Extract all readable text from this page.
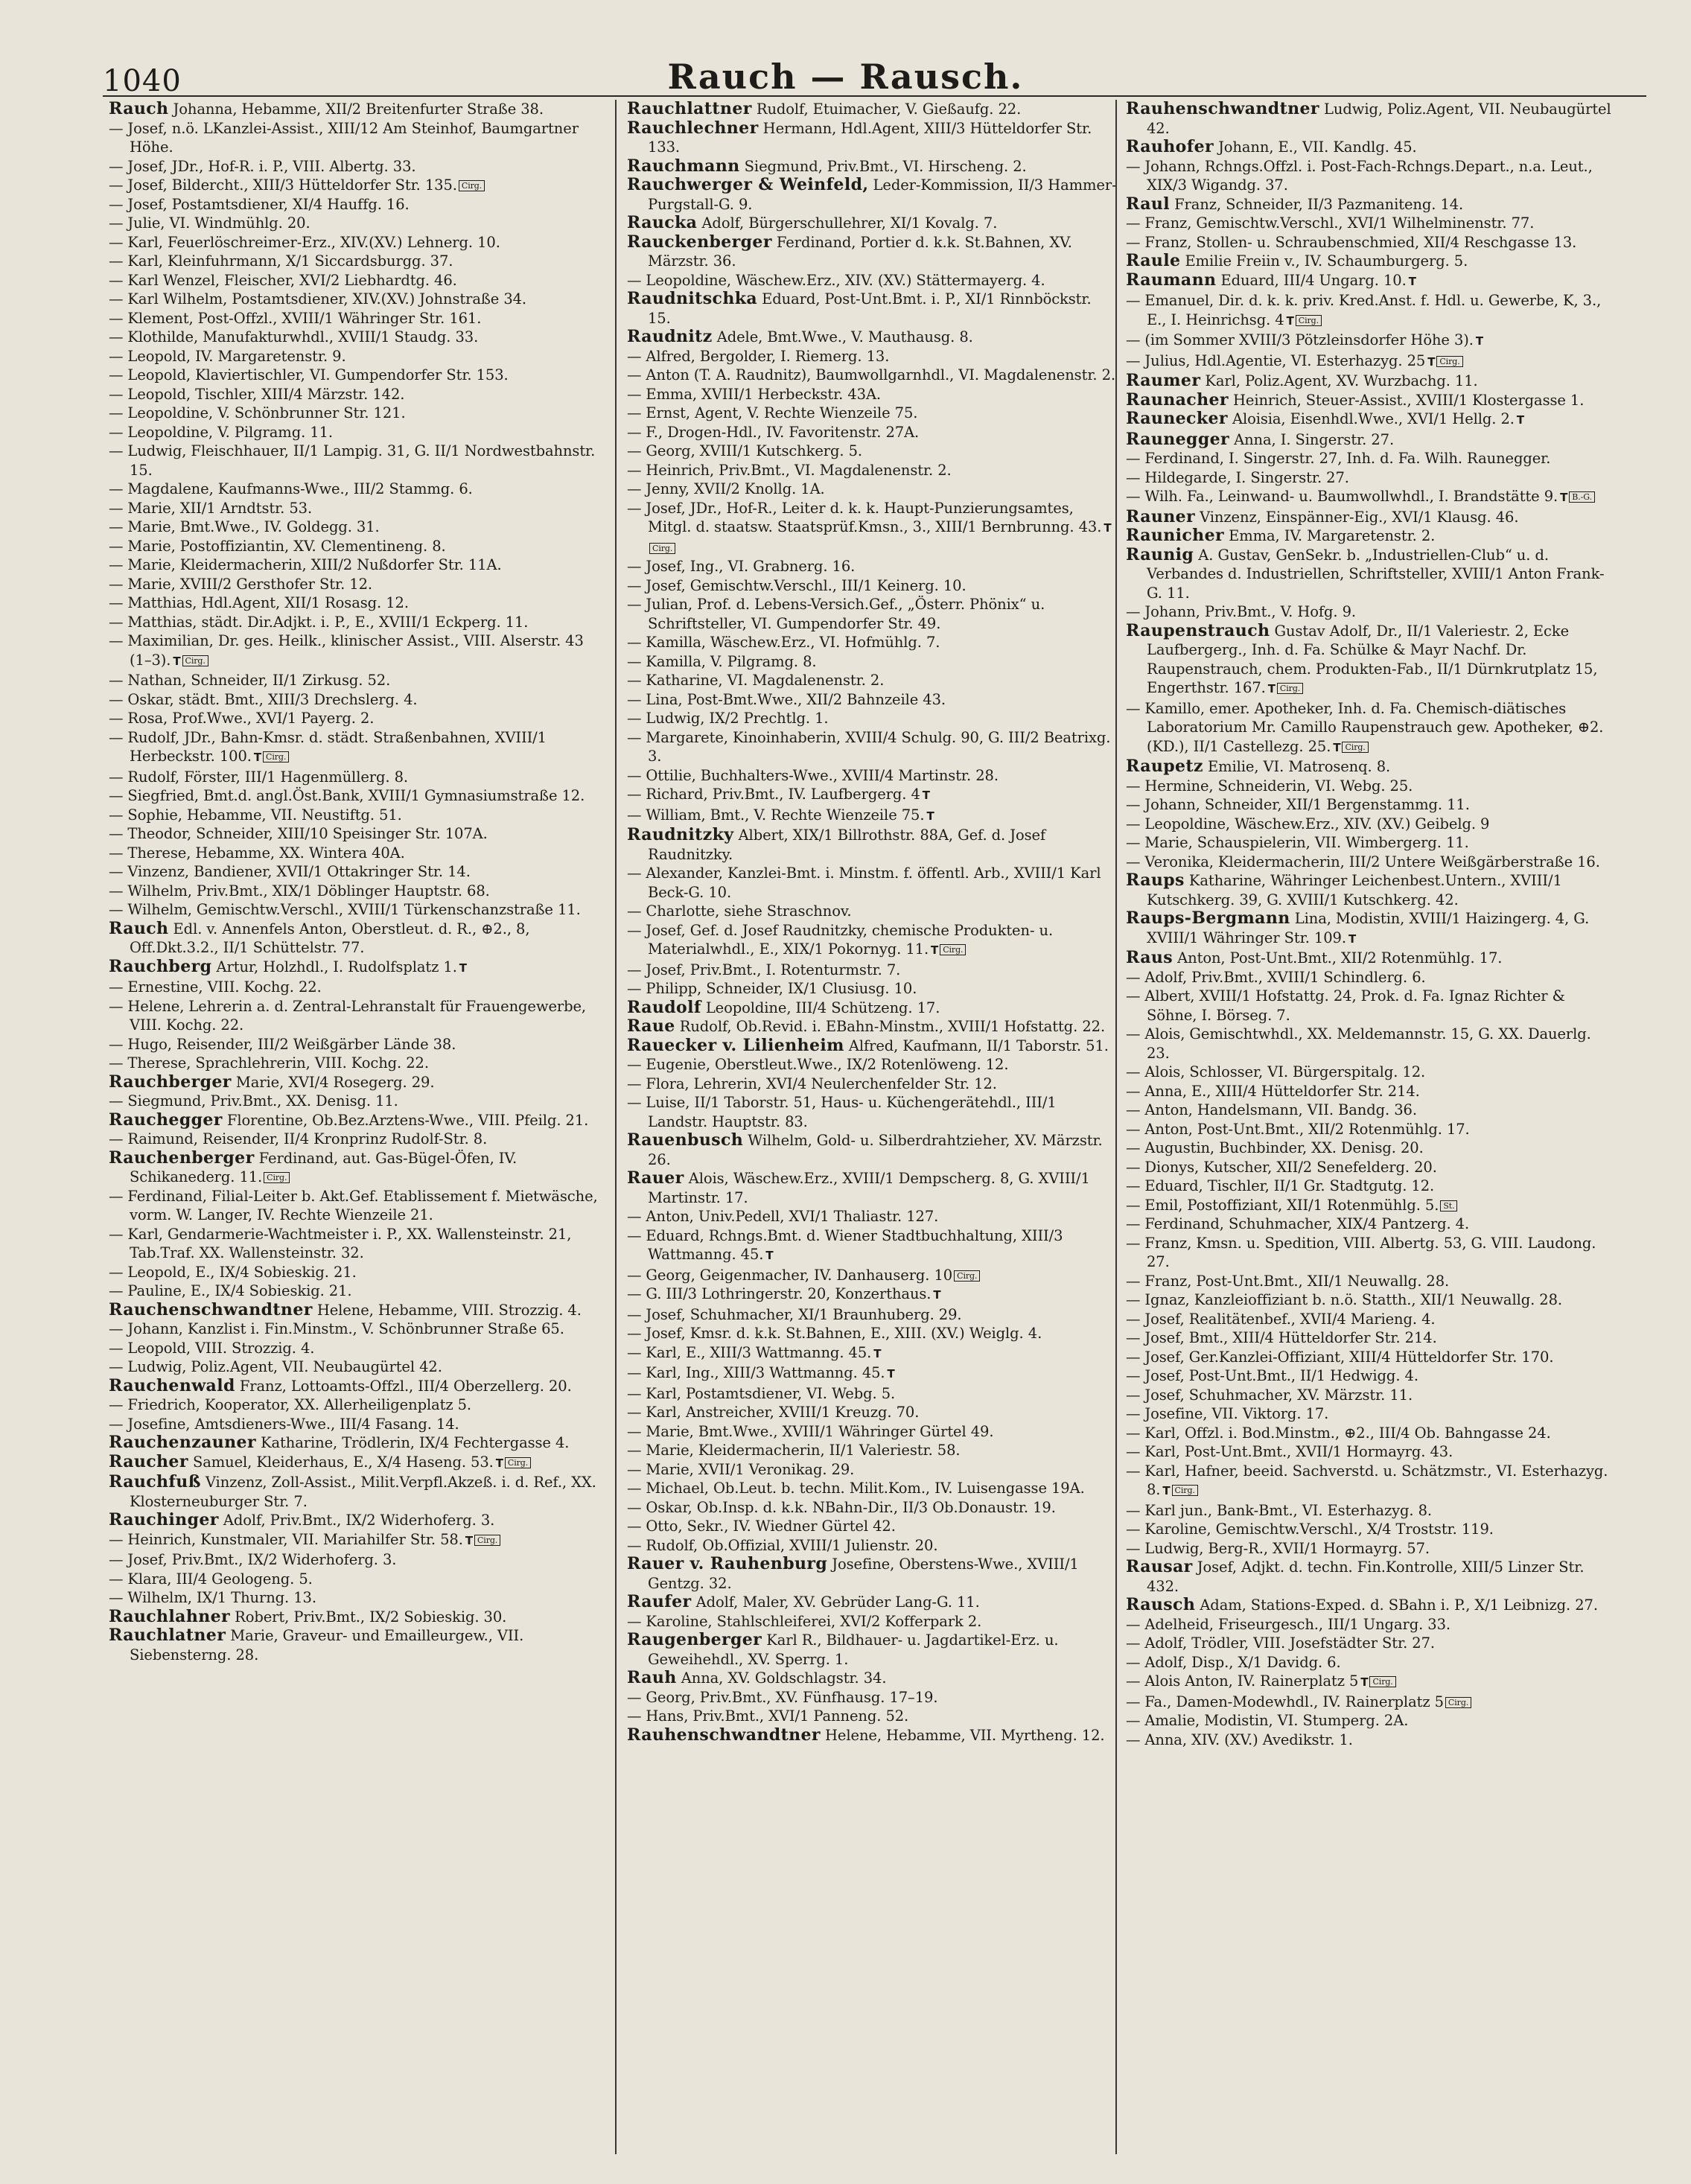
1040	Rauch — Rausch.
Rauch Johanna, Hebamme, XII/2 Breitenfurter Straße 38.
— Josef, n.ö. LKanzlei-Assist., XIII/12 Am Steinhof, Baumgartner Höhe.
— Josef, JDr., Hof-R. i. P., VIII. Albertg. 33.
— Josef, Bildercht., XIII/3 Hütteldorfer Str. 135. Cirg.
— Josef, Postamtsdiener, XI/4 Hauffg. 16.
— Julie, VI. Windmühlg. 20.
— Karl, Feuerlöschreimer-Erz., XIV.(XV.) Lehnerg. 10.
— Karl, Kleinfuhrmann, X/1 Siccardsburgg. 37.
— Karl Wenzel, Fleischer, XVI/2 Liebhardtg. 46.
— Karl Wilhelm, Postamtsdiener, XIV.(XV.) Johnstraße 34.
— Klement, Post-Offzl., XVIII/1 Währinger Str. 161.
— Klothilde, Manufakturwhdl., XVIII/1 Staudg. 33.
— Leopold, IV. Margaretenstr. 9.
— Leopold, Klaviertischler, VI. Gumpendorfer Str. 153.
— Leopold, Tischler, XIII/4 Märzstr. 142.
— Leopoldine, V. Schönbrunner Str. 121.
— Leopoldine, V. Pilgramg. 11.
— Ludwig, Fleischhauer, II/1 Lampig. 31, G. II/1 Nordwestbahnstr. 15.
— Magdalene, Kaufmanns-Wwe., III/2 Stammg. 6.
— Marie, XII/1 Arndtstr. 53.
— Marie, Bmt.Wwe., IV. Goldegg. 31.
— Marie, Postoffiziantin, XV. Clementineng. 8.
— Marie, Kleidermacherin, XIII/2 Nußdorfer Str. 11A.
— Marie, XVIII/2 Gersthofer Str. 12.
— Matthias, Hdl.Agent, XII/1 Rosasg. 12.
— Matthias, städt. Dir.Adjkt. i. P., E., XVIII/1 Eckperg. 11.
— Maximilian, Dr. ges. Heilk., klinischer Assist., VIII. Alserstr. 43 (1–3). T Cirg.
— Nathan, Schneider, II/1 Zirkusg. 52.
— Oskar, städt. Bmt., XIII/3 Drechslerg. 4.
— Rosa, Prof.Wwe., XVI/1 Payerg. 2.
— Rudolf, JDr., Bahn-Kmsr. d. städt. Straßenbahnen, XVIII/1 Herbeckstr. 100. T Cirg.
— Rudolf, Förster, III/1 Hagenmüllerg. 8.
— Siegfried, Bmt.d. angl.Öst.Bank, XVIII/1 Gymnasiumstraße 12.
— Sophie, Hebamme, VII. Neustiftg. 51.
— Theodor, Schneider, XIII/10 Speisinger Str. 107A.
— Therese, Hebamme, XX. Wintera 40A.
— Vinzenz, Bandiener, XVII/1 Ottakringer Str. 14.
— Wilhelm, Priv.Bmt., XIX/1 Döblinger Hauptstr. 68.
— Wilhelm, Gemischtw.Verschl., XVIII/1 Türkenschanzstraße 11.
Rauch Edl. v. Annenfels Anton, Oberstleut. d. R., ⊕2., 8, Off.Dkt.3.2., II/1 Schüttelstr. 77.
Rauchberg Artur, Holzhdl., I. Rudolfsplatz 1. T
— Ernestine, VIII. Kochg. 22.
— Helene, Lehrerin a. d. Zentral-Lehranstalt für Frauengewerbe, VIII. Kochg. 22.
— Hugo, Reisender, III/2 Weißgärber Lände 38.
— Therese, Sprachlehrerin, VIII. Kochg. 22.
Rauchberger Marie, XVI/4 Rosegerg. 29.
— Siegmund, Priv.Bmt., XX. Denisg. 11.
Rauchegger Florentine, Ob.Bez.Arztens-Wwe., VIII. Pfeilg. 21.
— Raimund, Reisender, II/4 Kronprinz Rudolf-Str. 8.
Rauchenberger Ferdinand, aut. Gas-Bügel-Öfen, IV. Schikanederg. 11. Cirg.
— Ferdinand, Filial-Leiter b. Akt.Gef. Etablissement f. Mietwäsche, vorm. W. Langer, IV. Rechte Wienzeile 21.
— Karl, Gendarmerie-Wachtmeister i. P., XX. Wallensteinstr. 21, Tab.Traf. XX. Wallensteinstr. 32.
— Leopold, E., IX/4 Sobieskig. 21.
— Pauline, E., IX/4 Sobieskig. 21.
Rauchenschwandtner Helene, Hebamme, VIII. Strozzig. 4.
— Johann, Kanzlist i. Fin.Minstm., V. Schönbrunner Straße 65.
— Leopold, VIII. Strozzig. 4.
— Ludwig, Poliz.Agent, VII. Neubaugürtel 42.
Rauchenwald Franz, Lottoamts-Offzl., III/4 Oberzellerg. 20.
— Friedrich, Kooperator, XX. Allerheiligenplatz 5.
— Josefine, Amtsdieners-Wwe., III/4 Fasang. 14.
Rauchenzauner Katharine, Trödlerin, IX/4 Fechtergasse 4.
Raucher Samuel, Kleiderhaus, E., X/4 Haseng. 53. T Cirg.
Rauchfuß Vinzenz, Zoll-Assist., Milit.Verpfl.Akzeß. i. d. Ref., XX. Klosterneuburger Str. 7.
Rauchinger Adolf, Priv.Bmt., IX/2 Widerhoferg. 3.
— Heinrich, Kunstmaler, VII. Mariahilfer Str. 58. T Cirg.
— Josef, Priv.Bmt., IX/2 Widerhoferg. 3.
— Klara, III/4 Geologeng. 5.
— Wilhelm, IX/1 Thurng. 13.
Rauchlahner Robert, Priv.Bmt., IX/2 Sobieskig. 30.
Rauchlatner Marie, Graveur- und Emailleurgew., VII. Siebensterng. 28.
Rauchlattner Rudolf, Etuimacher, V. Gießaufg. 22.
Rauchlechner Hermann, Hdl.Agent, XIII/3 Hütteldorfer Str. 133.
Rauchmann Siegmund, Priv.Bmt., VI. Hirscheng. 2.
Rauchwerger & Weinfeld, Leder-Kommission, II/3 Hammer-Purgstall-G. 9.
Raucka Adolf, Bürgerschullehrer, XI/1 Kovalg. 7.
Rauckenberger Ferdinand, Portier d. k.k. St.Bahnen, XV. Märzstr. 36.
— Leopoldine, Wäschew.Erz., XIV. (XV.) Stättermayerg. 4.
Raudnitschka Eduard, Post-Unt.Bmt. i. P., XI/1 Rinnböckstr. 15.
Raudnitz Adele, Bmt.Wwe., V. Mauthausg. 8.
— Alfred, Bergolder, I. Riemerg. 13.
— Anton (T. A. Raudnitz), Baumwollgarnhdl., VI. Magdalenenstr. 2.
— Emma, XVIII/1 Herbeckstr. 43A.
— Ernst, Agent, V. Rechte Wienzeile 75.
— F., Drogen-Hdl., IV. Favoritenstr. 27A.
— Georg, XVIII/1 Kutschkerg. 5.
— Heinrich, Priv.Bmt., VI. Magdalenenstr. 2.
— Jenny, XVII/2 Knollg. 1A.
— Josef, JDr., Hof-R., Leiter d. k. k. Haupt-Punzierungsamtes, Mitgl. d. staatsw. Staatsprüf.Kmsn., 3., XIII/1 Bernbrunng. 43. TCirg.
— Josef, Ing., VI. Grabnerg. 16.
— Josef, Gemischtw.Verschl., III/1 Keinerg. 10.
— Julian, Prof. d. Lebens-Versich.Gef., „Österr. Phönix“ u. Schriftsteller, VI. Gumpendorfer Str. 49.
— Kamilla, Wäschew.Erz., VI. Hofmühlg. 7.
— Kamilla, V. Pilgramg. 8.
— Katharine, VI. Magdalenenstr. 2.
— Lina, Post-Bmt.Wwe., XII/2 Bahnzeile 43.
— Ludwig, IX/2 Prechtlg. 1.
— Margarete, Kinoinhaberin, XVIII/4 Schulg. 90, G. III/2 Beatrixg. 3.
— Ottilie, Buchhalters-Wwe., XVIII/4 Martinstr. 28.
— Richard, Priv.Bmt., IV. Laufbergerg. 4 T
— William, Bmt., V. Rechte Wienzeile 75. T
Raudnitzky Albert, XIX/1 Billrothstr. 88A, Gef. d. Josef Raudnitzky.
— Alexander, Kanzlei-Bmt. i. Minstm. f. öffentl. Arb., XVIII/1 Karl Beck-G. 10.
— Charlotte, siehe Straschnov.
— Josef, Gef. d. Josef Raudnitzky, chemische Produkten- u. Materialwhdl., E., XIX/1 Pokornyg. 11. T Cirg.
— Josef, Priv.Bmt., I. Rotenturmstr. 7.
— Philipp, Schneider, IX/1 Clusiusg. 10.
Raudolf Leopoldine, III/4 Schützeng. 17.
Raue Rudolf, Ob.Revid. i. EBahn-Minstm., XVIII/1 Hofstattg. 22.
Rauecker v. Lilienheim Alfred, Kaufmann, II/1 Taborstr. 51.
— Eugenie, Oberstleut.Wwe., IX/2 Rotenlöweng. 12.
— Flora, Lehrerin, XVI/4 Neulerchenfelder Str. 12.
— Luise, II/1 Taborstr. 51, Haus- u. Küchengerätehdl., III/1 Landstr. Hauptstr. 83.
Rauenbusch Wilhelm, Gold- u. Silberdrahtzieher, XV. Märzstr. 26.
Rauer Alois, Wäschew.Erz., XVIII/1 Dempscherg. 8, G. XVIII/1 Martinstr. 17.
— Anton, Univ.Pedell, XVI/1 Thaliastr. 127.
— Eduard, Rchngs.Bmt. d. Wiener Stadtbuchhaltung, XIII/3 Wattmanng. 45. T
— Georg, Geigenmacher, IV. Danhauserg. 10 Cirg.
— G. III/3 Lothringerstr. 20, Konzerthaus. T
— Josef, Schuhmacher, XI/1 Braunhuberg. 29.
— Josef, Kmsr. d. k.k. St.Bahnen, E., XIII. (XV.) Weiglg. 4.
— Karl, E., XIII/3 Wattmanng. 45. T
— Karl, Ing., XIII/3 Wattmanng. 45. T
— Karl, Postamtsdiener, VI. Webg. 5.
— Karl, Anstreicher, XVIII/1 Kreuzg. 70.
— Marie, Bmt.Wwe., XVIII/1 Währinger Gürtel 49.
— Marie, Kleidermacherin, II/1 Valeriestr. 58.
— Marie, XVII/1 Veronikag. 29.
— Michael, Ob.Leut. b. techn. Milit.Kom., IV. Luisengasse 19A.
— Oskar, Ob.Insp. d. k.k. NBahn-Dir., II/3 Ob.Donaustr. 19.
— Otto, Sekr., IV. Wiedner Gürtel 42.
— Rudolf, Ob.Offizial, XVIII/1 Julienstr. 20.
Rauer v. Rauhenburg Josefine, Oberstens-Wwe., XVIII/1 Gentzg. 32.
Raufer Adolf, Maler, XV. Gebrüder Lang-G. 11.
— Karoline, Stahlschleiferei, XVI/2 Kofferpark 2.
Raugenberger Karl R., Bildhauer- u. Jagdartikel-Erz. u. Geweihehdl., XV. Sperrg. 1.
Rauh Anna, XV. Goldschlagstr. 34.
— Georg, Priv.Bmt., XV. Fünfhausg. 17–19.
— Hans, Priv.Bmt., XVI/1 Panneng. 52.
Rauhenschwandtner Helene, Hebamme, VII. Myrtheng. 12.
Rauhenschwandtner Ludwig, Poliz.Agent, VII. Neubaugürtel 42.
Rauhofer Johann, E., VII. Kandlg. 45.
— Johann, Rchngs.Offzl. i. Post-Fach-Rchngs.Depart., n.a. Leut., XIX/3 Wigandg. 37.
Raul Franz, Schneider, II/3 Pazmaniteng. 14.
— Franz, Gemischtw.Verschl., XVI/1 Wilhelminenstr. 77.
— Franz, Stollen- u. Schraubenschmied, XII/4 Reschgasse 13.
Raule Emilie Freiin v., IV. Schaumburgerg. 5.
Raumann Eduard, III/4 Ungarg. 10. T
— Emanuel, Dir. d. k. k. priv. Kred.Anst. f. Hdl. u. Gewerbe, K, 3., E., I. Heinrichsg. 4 T Cirg.
— (im Sommer XVIII/3 Pötzleinsdorfer Höhe 3). T
— Julius, Hdl.Agentie, VI. Esterhazyg. 25 T Cirg.
Raumer Karl, Poliz.Agent, XV. Wurzbachg. 11.
Raunacher Heinrich, Steuer-Assist., XVIII/1 Klostergasse 1.
Raunecker Aloisia, Eisenhdl.Wwe., XVI/1 Hellg. 2. T
Raunegger Anna, I. Singerstr. 27.
— Ferdinand, I. Singerstr. 27, Inh. d. Fa. Wilh. Raunegger.
— Hildegarde, I. Singerstr. 27.
— Wilh. Fa., Leinwand- u. Baumwollwhdl., I. Brandstätte 9. T B.-G.
Rauner Vinzenz, Einspänner-Eig., XVI/1 Klausg. 46.
Raunicher Emma, IV. Margaretenstr. 2.
Raunig A. Gustav, GenSekr. b. „Industriellen-Club“ u. d. Verbandes d. Industriellen, Schriftsteller, XVIII/1 Anton Frank-G. 11.
— Johann, Priv.Bmt., V. Hofg. 9.
Raupenstrauch Gustav Adolf, Dr., II/1 Valeriestr. 2, Ecke Laufbergerg., Inh. d. Fa. Schülke & Mayr Nachf. Dr. Raupenstrauch, chem. Produkten-Fab., II/1 Dürnkrutplatz 15, Engerthstr. 167. T Cirg.
— Kamillo, emer. Apotheker, Inh. d. Fa. Chemisch-diätisches Laboratorium Mr. Camillo Raupenstrauch gew. Apotheker, ⊕2. (KD.), II/1 Castellezg. 25. T Cirg.
Raupetz Emilie, VI. Matrosenq. 8.
— Hermine, Schneiderin, VI. Webg. 25.
— Johann, Schneider, XII/1 Bergenstammg. 11.
— Leopoldine, Wäschew.Erz., XIV. (XV.) Geibelg. 9
— Marie, Schauspielerin, VII. Wimbergerg. 11.
— Veronika, Kleidermacherin, III/2 Untere Weißgärberstraße 16.
Raups Katharine, Währinger Leichenbest.Untern., XVIII/1 Kutschkerg. 39, G. XVIII/1 Kutschkerg. 42.
Raups-Bergmann Lina, Modistin, XVIII/1 Haizingerg. 4, G. XVIII/1 Währinger Str. 109. T
Raus Anton, Post-Unt.Bmt., XII/2 Rotenmühlg. 17.
— Adolf, Priv.Bmt., XVIII/1 Schindlerg. 6.
— Albert, XVIII/1 Hofstattg. 24, Prok. d. Fa. Ignaz Richter & Söhne, I. Börseg. 7.
— Alois, Gemischtwhdl., XX. Meldemannstr. 15, G. XX. Dauerlg. 23.
— Alois, Schlosser, VI. Bürgerspitalg. 12.
— Anna, E., XIII/4 Hütteldorfer Str. 214.
— Anton, Handelsmann, VII. Bandg. 36.
— Anton, Post-Unt.Bmt., XII/2 Rotenmühlg. 17.
— Augustin, Buchbinder, XX. Denisg. 20.
— Dionys, Kutscher, XII/2 Senefelderg. 20.
— Eduard, Tischler, II/1 Gr. Stadtgutg. 12.
— Emil, Postoffiziant, XII/1 Rotenmühlg. 5. St.
— Ferdinand, Schuhmacher, XIX/4 Pantzerg. 4.
— Franz, Kmsn. u. Spedition, VIII. Albertg. 53, G. VIII. Laudong. 27.
— Franz, Post-Unt.Bmt., XII/1 Neuwallg. 28.
— Ignaz, Kanzleioffiziant b. n.ö. Statth., XII/1 Neuwallg. 28.
— Josef, Realitätenbef., XVII/4 Marieng. 4.
— Josef, Bmt., XIII/4 Hütteldorfer Str. 214.
— Josef, Ger.Kanzlei-Offiziant, XIII/4 Hütteldorfer Str. 170.
— Josef, Post-Unt.Bmt., II/1 Hedwigg. 4.
— Josef, Schuhmacher, XV. Märzstr. 11.
— Josefine, VII. Viktorg. 17.
— Karl, Offzl. i. Bod.Minstm., ⊕2., III/4 Ob. Bahngasse 24.
— Karl, Post-Unt.Bmt., XVII/1 Hormayrg. 43.
— Karl, Hafner, beeid. Sachverstd. u. Schätzmstr., VI. Esterhazyg. 8. T Cirg.
— Karl jun., Bank-Bmt., VI. Esterhazyg. 8.
— Karoline, Gemischtw.Verschl., X/4 Troststr. 119.
— Ludwig, Berg-R., XVII/1 Hormayrg. 57.
Rausar Josef, Adjkt. d. techn. Fin.Kontrolle, XIII/5 Linzer Str. 432.
Rausch Adam, Stations-Exped. d. SBahn i. P., X/1 Leibnizg. 27.
— Adelheid, Friseurgesch., III/1 Ungarg. 33.
— Adolf, Trödler, VIII. Josefstädter Str. 27.
— Adolf, Disp., X/1 Davidg. 6.
— Alois Anton, IV. Rainerplatz 5 T Cirg.
— Fa., Damen-Modewhdl., IV. Rainerplatz 5 Cirg.
— Amalie, Modistin, VI. Stumperg. 2A.
— Anna, XIV. (XV.) Avedikstr. 1.
